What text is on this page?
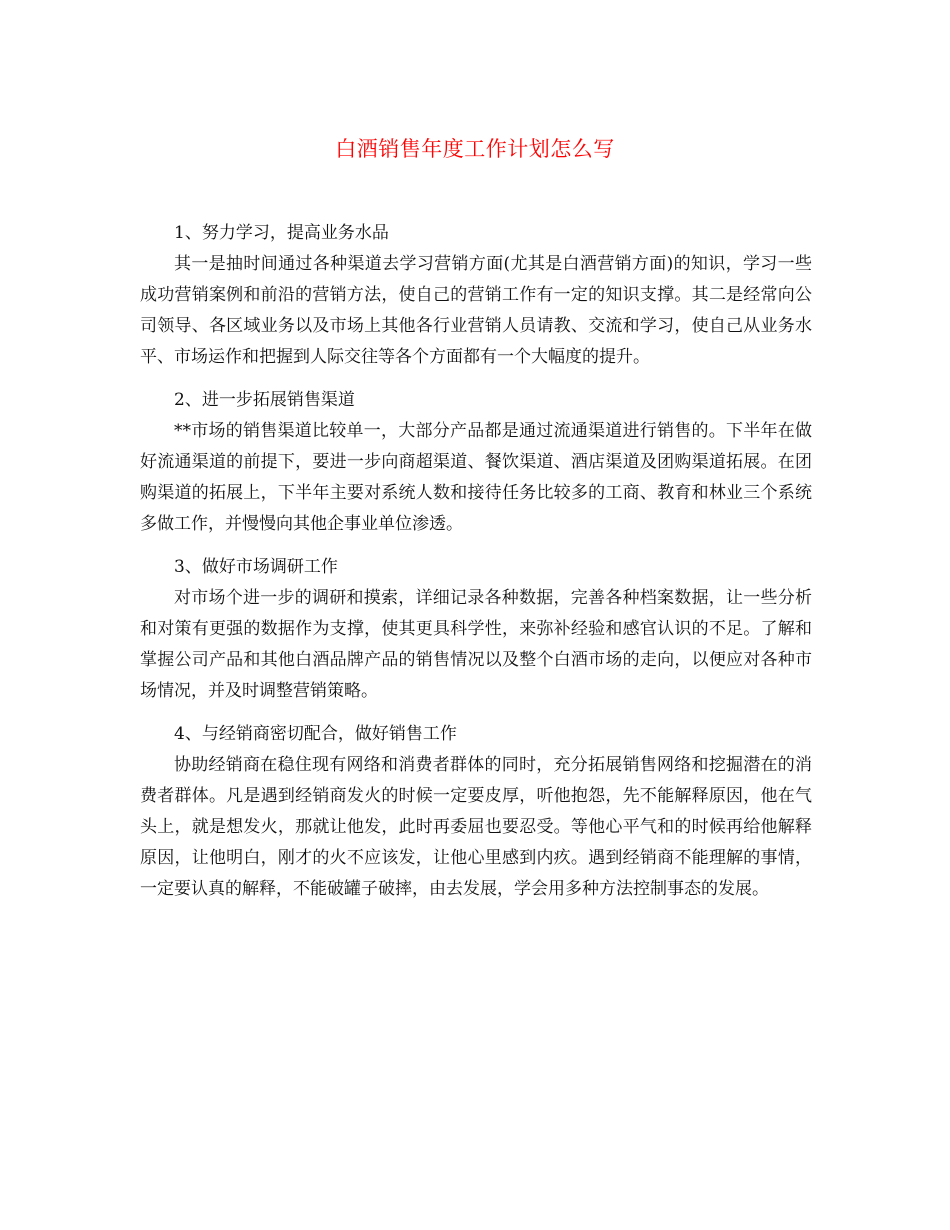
白酒销售年度工作计划怎么写

1、努力学习，提高业务水品

其一是抽时间通过各种渠道去学习营销方面(尤其是白酒营销方面)的知识，学习一些成功营销案例和前沿的营销方法，使自己的营销工作有一定的知识支撑。其二是经常向公司领导、各区域业务以及市场上其他各行业营销人员请教、交流和学习，使自己从业务水平、市场运作和把握到人际交往等各个方面都有一个大幅度的提升。

2、进一步拓展销售渠道

**市场的销售渠道比较单一，大部分产品都是通过流通渠道进行销售的。下半年在做好流通渠道的前提下，要进一步向商超渠道、餐饮渠道、酒店渠道及团购渠道拓展。在团购渠道的拓展上，下半年主要对系统人数和接待任务比较多的工商、教育和林业三个系统多做工作，并慢慢向其他企事业单位渗透。

3、做好市场调研工作

对市场个进一步的调研和摸索，详细记录各种数据，完善各种档案数据，让一些分析和对策有更强的数据作为支撑，使其更具科学性，来弥补经验和感官认识的不足。了解和掌握公司产品和其他白酒品牌产品的销售情况以及整个白酒市场的走向，以便应对各种市场情况，并及时调整营销策略。

4、与经销商密切配合，做好销售工作

协助经销商在稳住现有网络和消费者群体的同时，充分拓展销售网络和挖掘潜在的消费者群体。凡是遇到经销商发火的时候一定要皮厚，听他抱怨，先不能解释原因，他在气头上，就是想发火，那就让他发，此时再委屈也要忍受。等他心平气和的时候再给他解释原因，让他明白，刚才的火不应该发，让他心里感到内疚。遇到经销商不能理解的事情，一定要认真的解释，不能破罐子破摔，由去发展，学会用多种方法控制事态的发展。
